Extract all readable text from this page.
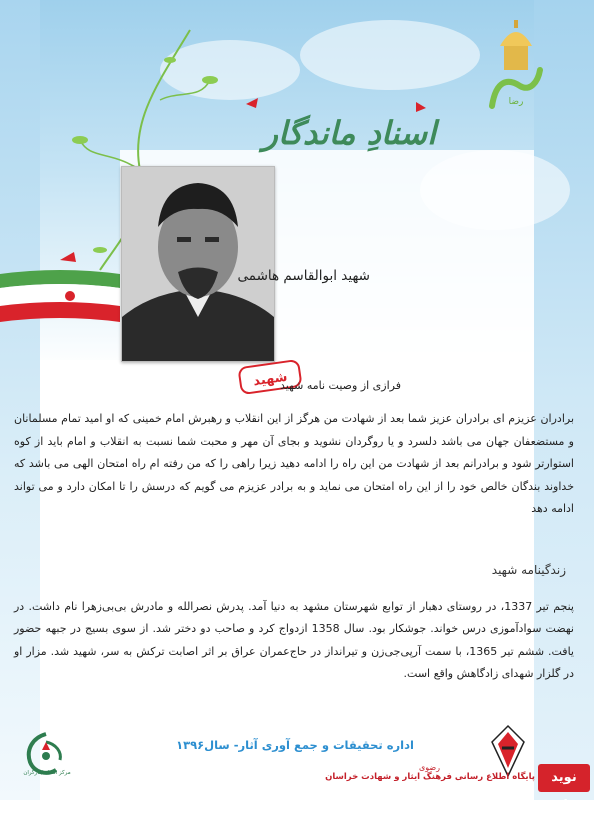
رضا
اسنادِ ماندگار
شهید
شهید ابوالقاسم هاشمی
فرازی از وصیت نامه شهید
برادران عزیزم ای برادران عزیز شما بعد از شهادت من هرگز از این انقلاب و رهبرش امام خمینی که او امید تمام مسلمانان و مستضعفان جهان می باشد دلسرد و یا روگردان نشوید و بجای آن مهر و محبت شما نسبت به انقلاب و امام باید از کوه استوارتر شود و برادرانم بعد از شهادت من این راه را ادامه دهید زیرا راهی را که من رفته ام راه امتحان الهی می باشد که خداوند بندگان خالص خود را از این راه امتحان می نماید و به برادر عزیزم می گویم که درسش را تا امکان دارد و می تواند ادامه دهد
زندگینامه شهید
پنجم تیر 1337، در روستای دهبار از توابع شهرستان مشهد به دنیا آمد. پدرش نصرالله و مادرش بی‌بی‌زهرا نام داشت. در نهضت سوادآموزی درس خواند. جوشکار بود. سال 1358 ازدواج کرد و صاحب دو دختر شد. از سوی بسیج در جبهه حضور یافت. ششم تیر 1365، با سمت آرپی‌جی‌زن و تیرانداز در حاج‌عمران عراق بر اثر اصابت ترکش به سر، شهید شد. مزار او در گلزار شهدای زادگاهش واقع است.
مرکز اسناد ایثارگران
اداره تحقیقات و جمع آوری آثار- سال۱۳۹۶
رضوی
پایگاه اطلاع رسانی فرهنگ ایثار و شهادت خراسان	نوید شاهد
